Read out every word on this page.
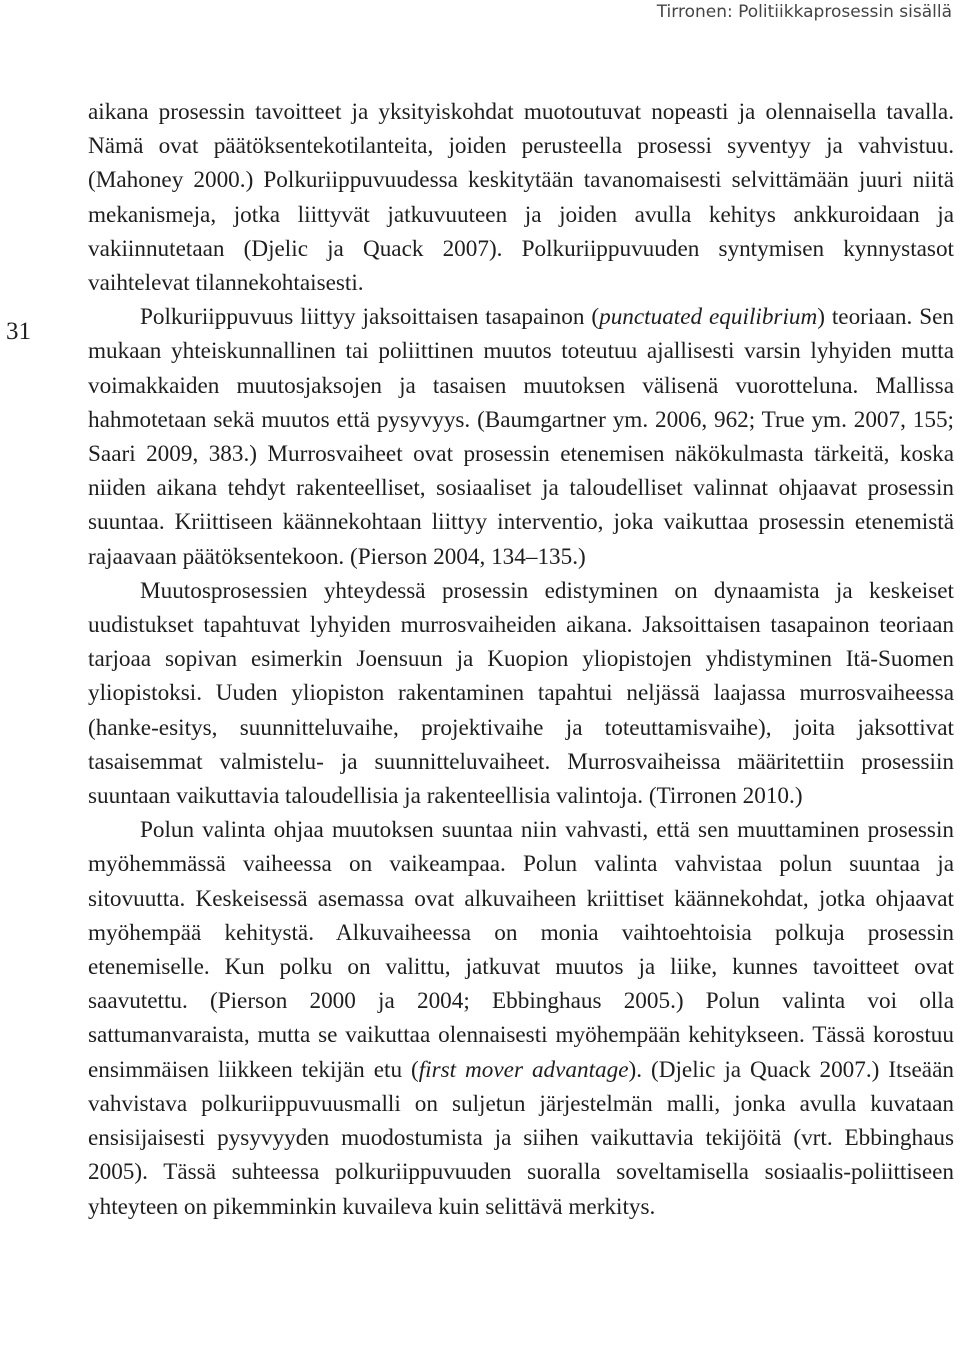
Tirronen: Politiikkaprosessin sisällä
31

aikana prosessin tavoitteet ja yksityiskohdat muotoutuvat nopeasti ja olennaisella tavalla. Nämä ovat päätöksentekotilanteita, joiden perusteella prosessi syventyy ja vahvistuu. (Mahoney 2000.) Polkuriippuvuudessa keskitytään tavanomaisesti selvittämään juuri niitä mekanismeja, jotka liittyvät jatkuvuuteen ja joiden avulla kehitys ankkuroidaan ja vakiinnutetaan (Djelic ja Quack 2007). Polkuriippuvuuden syntymisen kynnystasot vaihtelevat tilannekohtaisesti.

Polkuriippuvuus liittyy jaksoittaisen tasapainon (punctuated equilibrium) teoriaan. Sen mukaan yhteiskunnallinen tai poliittinen muutos toteutuu ajallisesti varsin lyhyiden mutta voimakkaiden muutosjaksojen ja tasaisen muutoksen välisenä vuorotteluna. Mallissa hahmotetaan sekä muutos että pysyvyys. (Baumgartner ym. 2006, 962; True ym. 2007, 155; Saari 2009, 383.) Murrosvaiheet ovat prosessin etenemisen näkökulmasta tärkeitä, koska niiden aikana tehdyt rakenteelliset, sosiaaliset ja taloudelliset valinnat ohjaavat prosessin suuntaa. Kriittiseen käännekohtaan liittyy interventio, joka vaikuttaa prosessin etenemistä rajaavaan päätöksentekoon. (Pierson 2004, 134–135.)

Muutosprosessien yhteydessä prosessin edistyminen on dynaamista ja keskeiset uudistukset tapahtuvat lyhyiden murrosvaiheiden aikana. Jaksoittaisen tasapainon teoriaan tarjoaa sopivan esimerkin Joensuun ja Kuopion yliopistojen yhdistyminen Itä-Suomen yliopistoksi. Uuden yliopiston rakentaminen tapahtui neljässä laajassa murrosvaiheessa (hanke-esitys, suunnitteluvaihe, projektivaihe ja toteuttamisvaihe), joita jaksottivat tasaisemmat valmistelu- ja suunnitteluvaiheet. Murrosvaiheissa määritettiin prosessiin suuntaan vaikuttavia taloudellisia ja rakenteellisia valintoja. (Tirronen 2010.)

Polun valinta ohjaa muutoksen suuntaa niin vahvasti, että sen muuttaminen prosessin myöhemmässä vaiheessa on vaikeampaa. Polun valinta vahvistaa polun suuntaa ja sitovuutta. Keskeisessä asemassa ovat alkuvaiheen kriittiset käännekohdat, jotka ohjaavat myöhempää kehitystä. Alkuvaiheessa on monia vaihtoehtoisia polkuja prosessin etenemiselle. Kun polku on valittu, jatkuvat muutos ja liike, kunnes tavoitteet ovat saavutettu. (Pierson 2000 ja 2004; Ebbinghaus 2005.) Polun valinta voi olla sattumanvaraista, mutta se vaikuttaa olennaisesti myöhempään kehitykseen. Tässä korostuu ensimmäisen liikkeen tekijän etu (first mover advantage). (Djelic ja Quack 2007.) Itseään vahvistava polkuriippuvuusmalli on suljetun järjestelmän malli, jonka avulla kuvataan ensisijaisesti pysyvyyden muodostumista ja siihen vaikuttavia tekijöitä (vrt. Ebbinghaus 2005). Tässä suhteessa polkuriippuvuuden suoralla soveltamisella sosiaalis-poliittiseen yhteyteen on pikemminkin kuvaileva kuin selittävä merkitys.
